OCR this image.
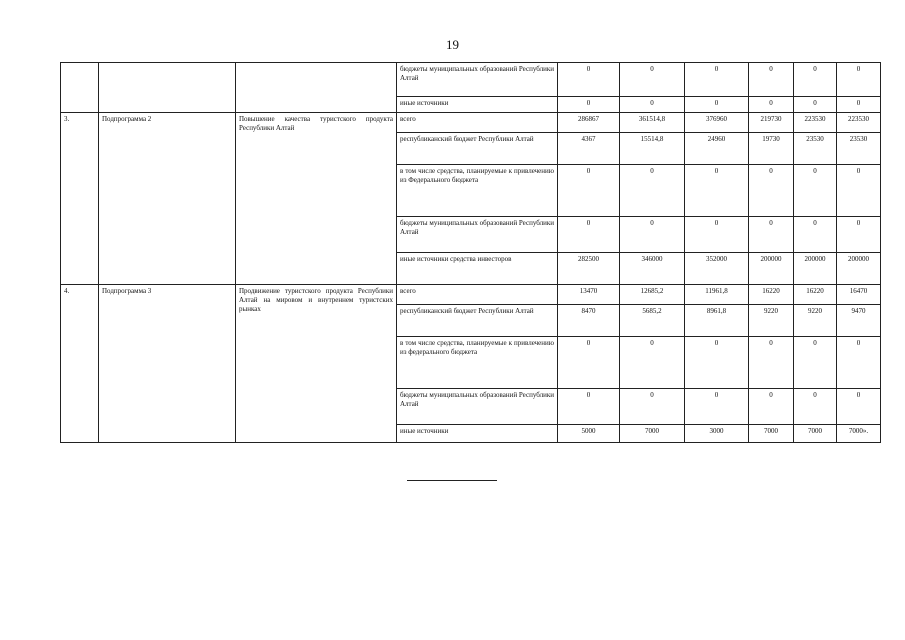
19
			бюджеты муниципальных образований Республики Алтай	0	0	0	0	0	0
			иные источники	0	0	0	0	0	0
3.	Подпрограмма 2	Повышение качества туристского продукта Республики Алтай	всего	286867	361514,8	376960	219730	223530	223530
			республиканский бюджет Республики Алтай	4367	15514,8	24960	19730	23530	23530
			в том числе средства, планируемые к привлечению из Федерального бюджета	0	0	0	0	0	0
			бюджеты муниципальных образований Республики Алтай	0	0	0	0	0	0
			иные источники средства инвесторов	282500	346000	352000	200000	200000	200000
4.	Подпрограмма 3	Продвижение туристского продукта Республики Алтай на мировом и внутреннем туристских рынках	всего	13470	12685,2	11961,8	16220	16220	16470
			республиканский бюджет Республики Алтай	8470	5685,2	8961,8	9220	9220	9470
			в том числе средства, планируемые к привлечению из федерального бюджета	0	0	0	0	0	0
			бюджеты муниципальных образований Республики Алтай	0	0	0	0	0	0
			иные источники	5000	7000	3000	7000	7000	7000».
